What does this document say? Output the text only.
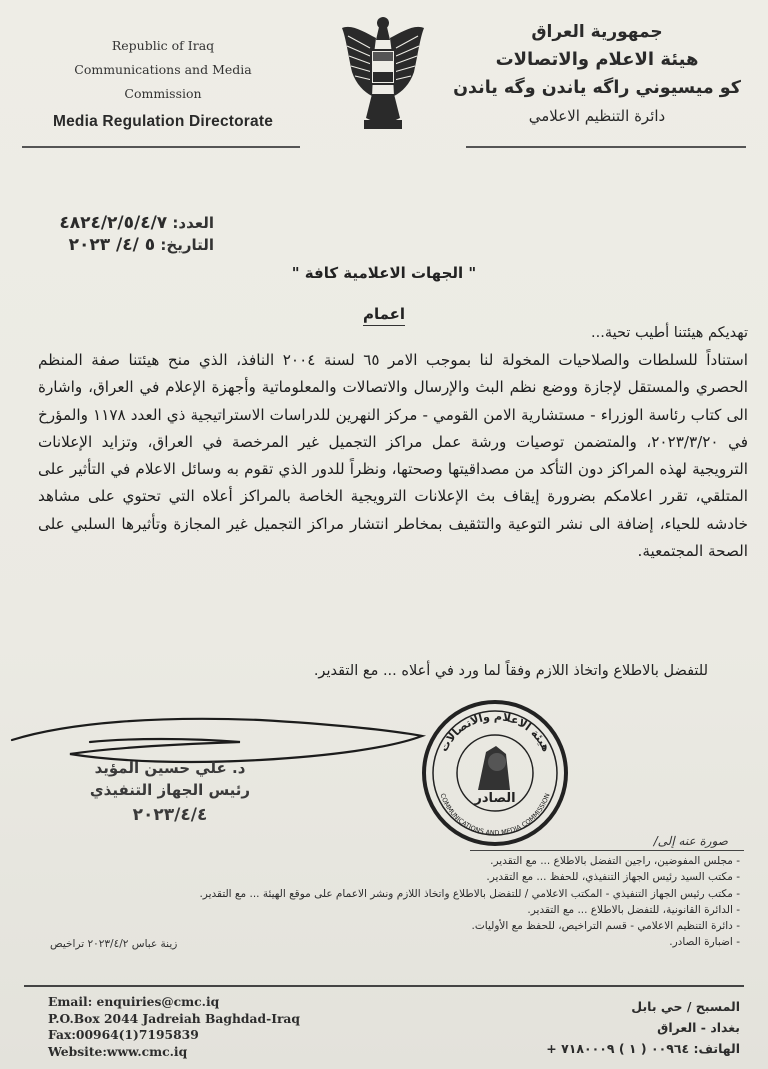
Republic of Iraq
Communications and Media
Commission
Media Regulation Directorate
جمهورية العراق
هيئة الاعلام والاتصالات
كو ميسيوني راگه ياندن وگه ياندن
دائرة التنظيم الاعلامي
العدد: ٤٨٢٤/٢/٥/٤/٧
التاريخ: ٥ /٤/ ٢٠٢٣
" الجهات الاعلامية كافة "
اعمام
تهديكم هيئتنا أطيب تحية...
استناداً للسلطات والصلاحيات المخولة لنا بموجب الامر ٦٥ لسنة ٢٠٠٤ النافذ، الذي منح هيئتنا صفة المنظم الحصري والمستقل لإجازة ووضع نظم البث والإرسال والاتصالات والمعلوماتية وأجهزة الإعلام في العراق، واشارة الى كتاب رئاسة الوزراء - مستشارية الامن القومي - مركز النهرين للدراسات الاستراتيجية ذي العدد ١١٧٨ والمؤرخ في ٢٠٢٣/٣/٢٠، والمتضمن توصيات ورشة عمل مراكز التجميل غير المرخصة في العراق، وتزايد الإعلانات الترويجية لهذه المراكز دون التأكد من مصداقيتها وصحتها، ونظراً للدور الذي تقوم به وسائل الاعلام في التأثير على المتلقي، تقرر اعلامكم بضرورة إيقاف بث الإعلانات الترويجية الخاصة بالمراكز أعلاه التي تحتوي على مشاهد خادشه للحياء، إضافة الى نشر التوعية والتثقيف بمخاطر انتشار مراكز التجميل غير المجازة وتأثيرها السلبي على الصحة المجتمعية.
للتفضل بالاطلاع واتخاذ اللازم وفقاً لما ورد في أعلاه ... مع التقدير.
د. علي حسين المؤيد
رئيس الجهاز التنفيذي
٢٠٢٣/٤/٤
هيئة الاعلام والاتصالات
COMMUNICATIONS AND MEDIA COMMISSION
الصادر
صورة عنه إلى/
- مجلس المفوضين، راجين التفضل بالاطلاع ... مع التقدير.
- مكتب السيد رئيس الجهاز التنفيذي، للحفظ ... مع التقدير.
- مكتب رئيس الجهاز التنفيذي - المكتب الاعلامي / للتفضل بالاطلاع واتخاذ اللازم ونشر الاعمام على موقع الهيئة ... مع التقدير.
- الدائرة القانونية، للتفضل بالاطلاع ... مع التقدير.
- دائرة التنظيم الاعلامي - قسم التراخيص، للحفظ مع الأوليات.
- اضبارة الصادر.
زينة عباس ٢٠٢٣/٤/٢ تراخيص
Email: enquiries@cmc.iq
P.O.Box 2044 Jadreiah Baghdad-Iraq
Fax:00964(1)7195839
Website:www.cmc.iq
المسبح / حي بابل
بغداد - العراق
الهاتف: ٠٠٩٦٤ ( ١ ) ٧١٨٠٠٠٩ +
